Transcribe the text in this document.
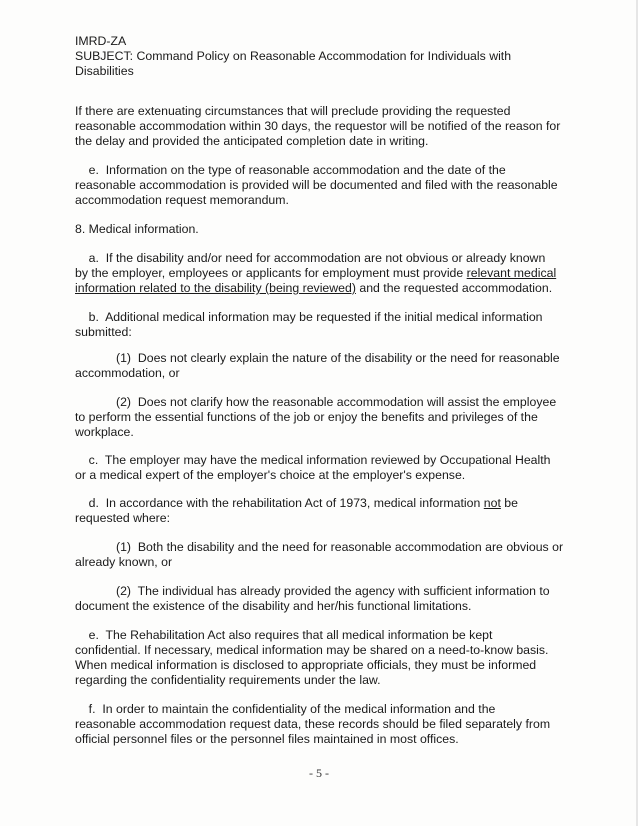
IMRD-ZA
SUBJECT: Command Policy on Reasonable Accommodation for Individuals with
Disabilities
If there are extenuating circumstances that will preclude providing the requested
reasonable accommodation within 30 days, the requestor will be notified of the reason for
the delay and provided the anticipated completion date in writing.
e.  Information on the type of reasonable accommodation and the date of the
reasonable accommodation is provided will be documented and filed with the reasonable
accommodation request memorandum.
8. Medical information.
a.  If the disability and/or need for accommodation are not obvious or already known
by the employer, employees or applicants for employment must provide relevant medical
information related to the disability (being reviewed) and the requested accommodation.
b.  Additional medical information may be requested if the initial medical information
submitted:
(1)  Does not clearly explain the nature of the disability or the need for reasonable
accommodation, or
(2)  Does not clarify how the reasonable accommodation will assist the employee
to perform the essential functions of the job or enjoy the benefits and privileges of the
workplace.
c.  The employer may have the medical information reviewed by Occupational Health
or a medical expert of the employer's choice at the employer's expense.
d.  In accordance with the rehabilitation Act of 1973, medical information not be
requested where:
(1)  Both the disability and the need for reasonable accommodation are obvious or
already known, or
(2)  The individual has already provided the agency with sufficient information to
document the existence of the disability and her/his functional limitations.
e.  The Rehabilitation Act also requires that all medical information be kept
confidential. If necessary, medical information may be shared on a need-to-know basis.
When medical information is disclosed to appropriate officials, they must be informed
regarding the confidentiality requirements under the law.
f.  In order to maintain the confidentiality of the medical information and the
reasonable accommodation request data, these records should be filed separately from
official personnel files or the personnel files maintained in most offices.
- 5 -
